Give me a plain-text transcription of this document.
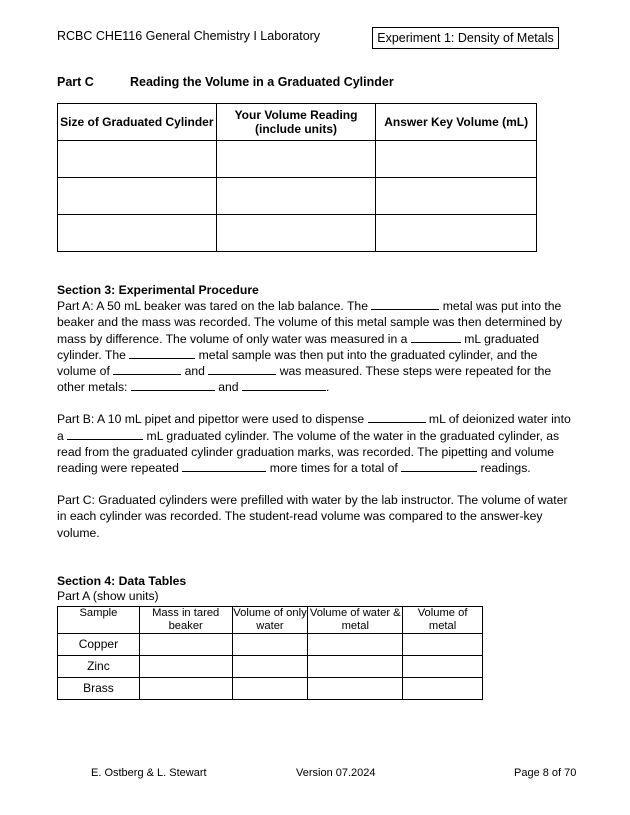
RCBC CHE116 General Chemistry I Laboratory	Experiment 1: Density of Metals
Part C	Reading the Volume in a Graduated Cylinder
Size of Graduated Cylinder	Your Volume Reading (include units)	Answer Key Volume (mL)

Section 3: Experimental Procedure

Part A: A 50 mL beaker was tared on the lab balance. The	metal was put into the beaker and the mass was recorded. The volume of this metal sample was then determined by mass by difference. The volume of only water was measured in a	mL graduated cylinder. The	metal sample was then put into the graduated cylinder, and the volume of	and	was measured. These steps were repeated for the other metals:	and	.

Part B: A 10 mL pipet and pipettor were used to dispense	mL of deionized water into a	mL graduated cylinder. The volume of the water in the graduated cylinder, as read from the graduated cylinder graduation marks, was recorded. The pipetting and volume reading were repeated	more times for a total of	readings.

Part C: Graduated cylinders were prefilled with water by the lab instructor. The volume of water in each cylinder was recorded. The student-read volume was compared to the answer-key volume.

Section 4: Data Tables
Part A (show units)
Sample	Mass in tared beaker	Volume of only water	Volume of water & metal	Volume of metal
Copper				
Zinc				
Brass				
E. Ostberg & L. Stewart	Version 07.2024	Page 8 of 70
